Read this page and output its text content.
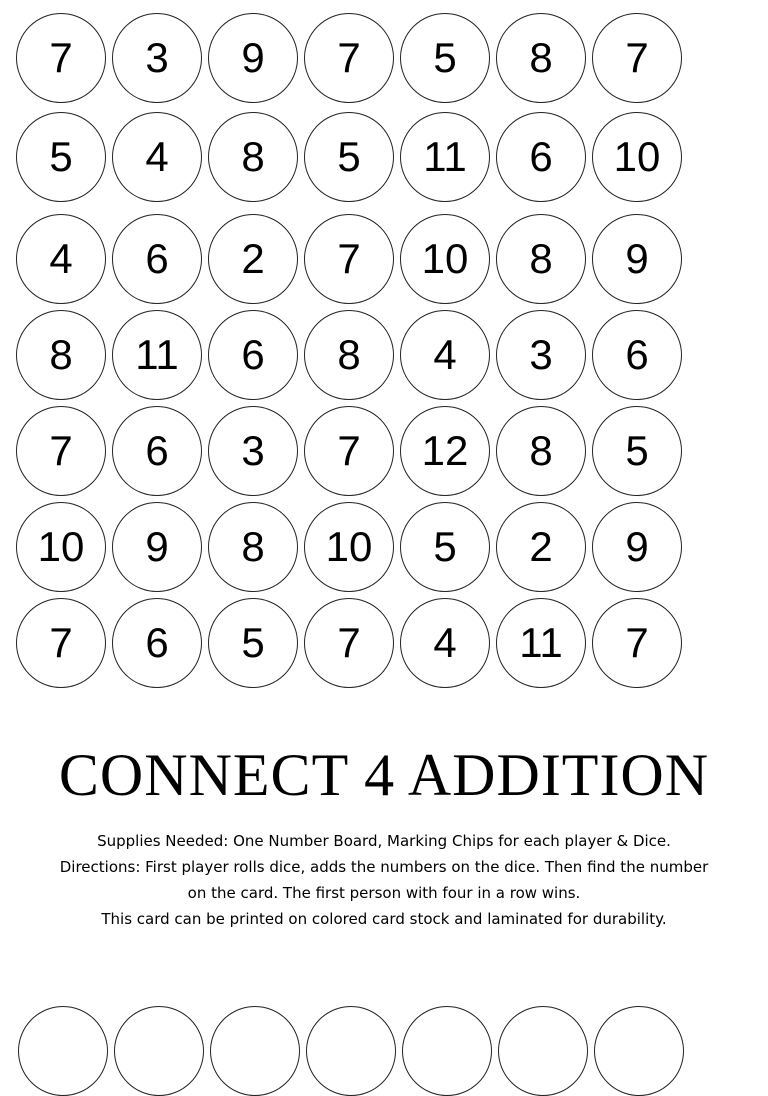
7	3	9	7	5	8	7
5	4	8	5	11	6	10
4	6	2	7	10	8	9
8	11	6	8	4	3	6
7	6	3	7	12	8	5
10	9	8	10	5	2	9
7	6	5	7	4	11	7
CONNECT 4 ADDITION

Supplies Needed: One Number Board, Marking Chips for each player & Dice.

Directions: First player rolls dice, adds the numbers on the dice. Then find the number

on the card. The first person with four in a row wins.

This card can be printed on colored card stock and laminated for durability.
